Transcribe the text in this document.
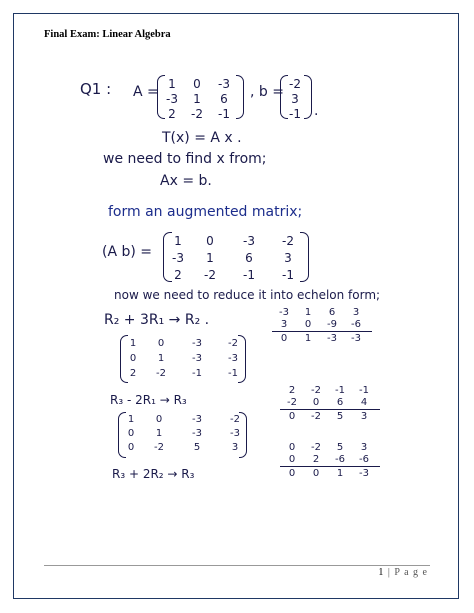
Final Exam: Linear Algebra
Q1 : A = 1	0	-3
-3	1	6
2	-2	-1
, b = -2
3
-1 .
T(x) = A x .
we need to find x from;
Ax = b.
form an augmented matrix;
(A b) =
1	0	-3	-2
-3	1	6	3
2	-2	-1	-1
now we need to reduce it into echelon form;
R₂ + 3R₁ → R₂ .
1	0	-3	-2
0	1	-3	-3
2	-2	-1	-1
-3	1	6	3
3	0	-9	-6
0	1	-3	-3
R₃ - 2R₁ → R₃
1	0	-3	-2
0	1	-3	-3
0	-2	5	3
2	-2	-1	-1
-2	0	6	4
0	-2	5	3
R₃ + 2R₂ → R₃
0	-2	5	3
0	2	-6	-6
0	0	1	-3
1 | P a g e
